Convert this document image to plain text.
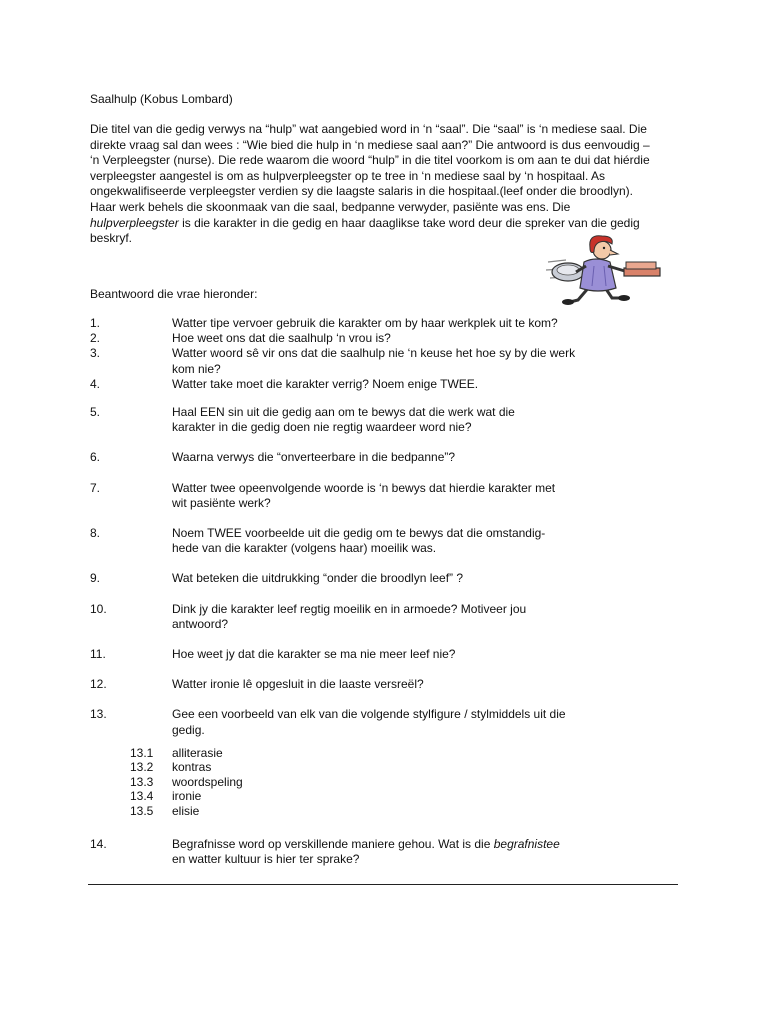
Saalhulp (Kobus Lombard)
Die titel van die gedig verwys na “hulp” wat aangebied word in ‘n “saal”. Die “saal” is ‘n mediese saal. Die
direkte vraag sal dan wees : “Wie bied die hulp in ‘n mediese saal aan?” Die antwoord is dus eenvoudig –
‘n Verpleegster (nurse). Die rede waarom die woord “hulp” in die titel voorkom is om aan te dui dat hiérdie
verpleegster aangestel is om as hulpverpleegster op te tree in ‘n mediese saal by ‘n hospitaal. As
ongekwalifiseerde verpleegster verdien sy die laagste salaris in die hospitaal.(leef onder die broodlyn).
Haar werk behels die skoonmaak van die saal, bedpanne verwyder, pasiënte was ens. Die
hulpverpleegster is die karakter in die gedig en haar daaglikse take word deur die spreker van die gedig
beskryf.
Beantwoord die vrae hieronder:
1.	Watter tipe vervoer gebruik die karakter om by haar werkplek uit te kom?
2.	Hoe weet ons dat die saalhulp ‘n vrou is?
3.	Watter woord sê vir ons dat die saalhulp nie ‘n keuse het hoe sy by die werk
kom nie?
4.	Watter take moet die karakter verrig? Noem enige TWEE.
5.	Haal EEN sin uit die gedig aan om te bewys dat die werk wat die
karakter in die gedig doen nie regtig waardeer word nie?
6.	Waarna verwys die “onverteerbare in die bedpanne”?
7.	Watter twee opeenvolgende woorde is ‘n bewys dat hierdie karakter met
wit pasiënte werk?
8.	Noem TWEE voorbeelde uit die gedig om te bewys dat die omstandig-
hede van die karakter (volgens haar) moeilik was.
9.	Wat beteken die uitdrukking “onder die broodlyn leef” ?
10.	Dink jy die karakter leef regtig moeilik en in armoede? Motiveer jou
antwoord?
11.	Hoe weet jy dat die karakter se ma nie meer leef nie?
12.	Watter ironie lê opgesluit in die laaste versreël?
13.	Gee een voorbeeld van elk van die volgende stylfigure / stylmiddels uit die
gedig.
13.1 alliterasie
13.2 kontras
13.3 woordspeling
13.4 ironie
13.5 elisie
14.	Begrafnisse word op verskillende maniere gehou. Wat is die begrafnistee
en watter kultuur is hier ter sprake?
